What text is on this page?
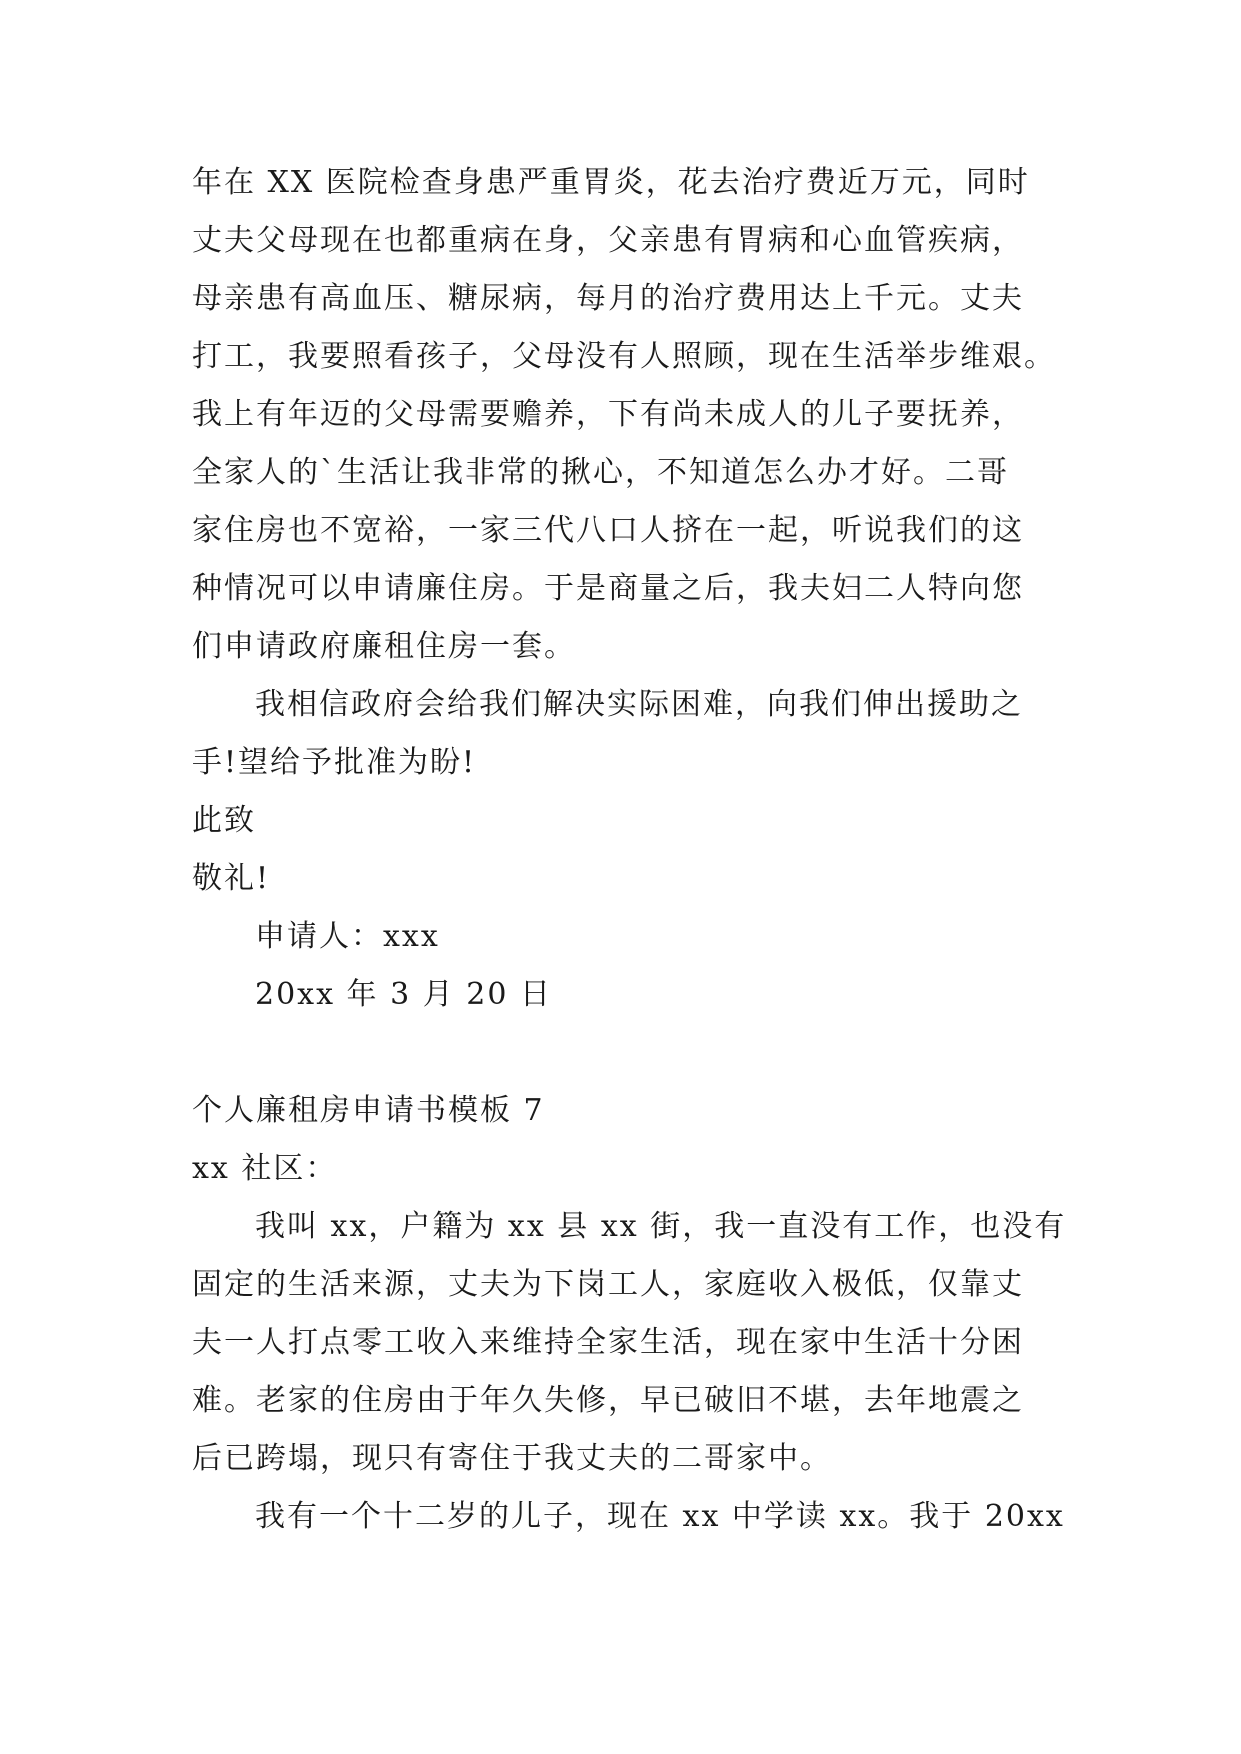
年在 XX 医院检查身患严重胃炎，花去治疗费近万元，同时
丈夫父母现在也都重病在身，父亲患有胃病和心血管疾病，
母亲患有高血压、糖尿病，每月的治疗费用达上千元。丈夫
打工，我要照看孩子，父母没有人照顾，现在生活举步维艰。
我上有年迈的父母需要赡养，下有尚未成人的儿子要抚养，
全家人的`生活让我非常的揪心，不知道怎么办才好。二哥
家住房也不宽裕，一家三代八口人挤在一起，听说我们的这
种情况可以申请廉住房。于是商量之后，我夫妇二人特向您
们申请政府廉租住房一套。
我相信政府会给我们解决实际困难，向我们伸出援助之
手!望给予批准为盼!
此致
敬礼!
申请人：xxx
20xx 年 3 月 20 日
个人廉租房申请书模板 7
xx 社区：
我叫 xx，户籍为 xx 县 xx 街，我一直没有工作，也没有
固定的生活来源，丈夫为下岗工人，家庭收入极低，仅靠丈
夫一人打点零工收入来维持全家生活，现在家中生活十分困
难。老家的住房由于年久失修，早已破旧不堪，去年地震之
后已跨塌，现只有寄住于我丈夫的二哥家中。
我有一个十二岁的儿子，现在 xx 中学读 xx。我于 20xx
